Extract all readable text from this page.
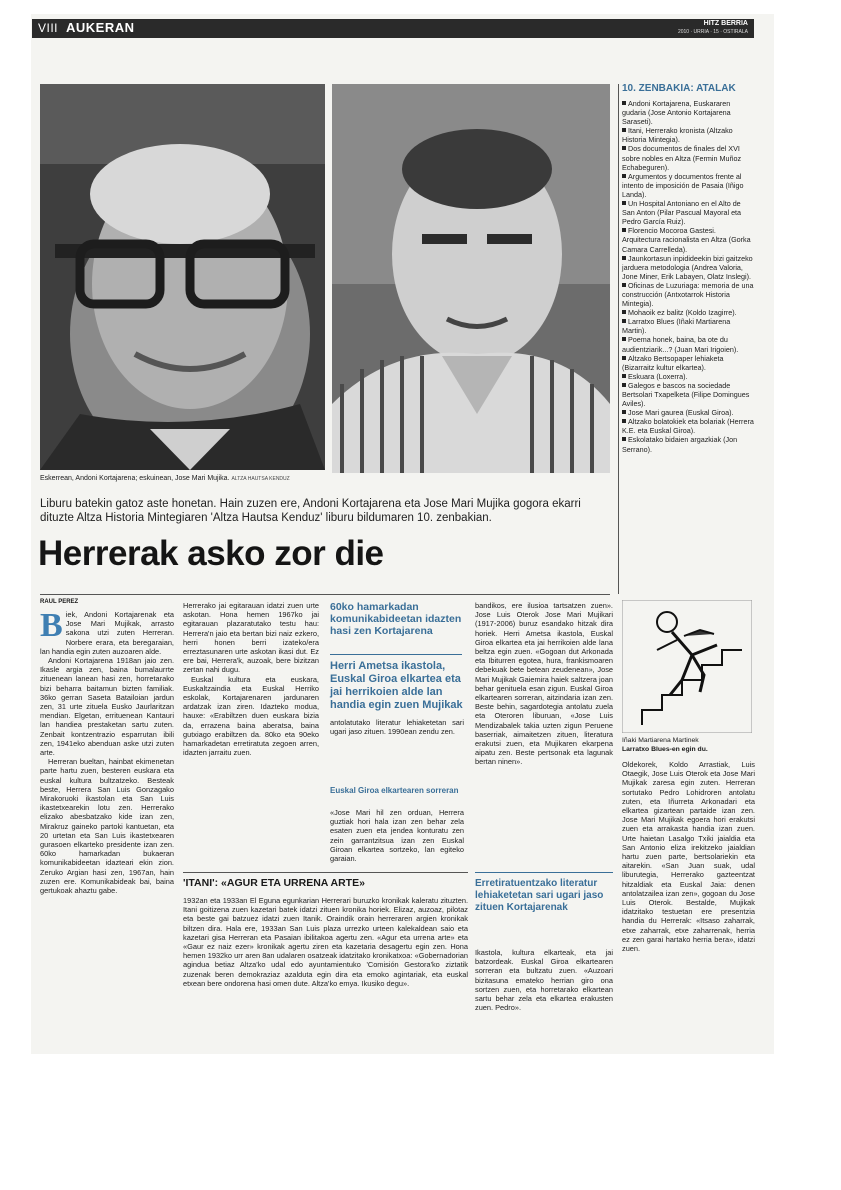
VIII AUKERAN	HITZ BERRIA
2010 · URRIA · 15 · OSTIRALA
Eskerrean, Andoni Kortajarena; eskuinean, Jose Mari Mujika. ALTZA HAUTSA KENDUZ
Liburu batekin gatoz aste honetan. Hain zuzen ere, Andoni Kortajarena eta Jose Mari Mujika gogora ekarri dituzte Altza Historia Mintegiaren 'Altza Hautsa Kenduz' liburu bildumaren 10. zenbakian.
Herrerak asko zor die
RAUL PEREZ

Biek, Andoni Kortajarenak eta Jose Mari Mujikak, arrasto sakona utzi zuten Herreran. Norbere erara, eta beregaraian, lan handia egin zuten auzoaren alde.

Andoni Kortajarena 1918an jaio zen. Ikasle argia zen, baina bumalaurrte zituenean lanean hasi zen, horretarako bizi beharra baitamun bizten familiak. 36ko gerran Saseta Batailoian jardun zen, 31 urte zituela Eusko Jaurlaritzan mendian. Elgetan, errituenean Kantauri lan handiea prestaketan sartu zuten. Zenbait kontzentrazio esparrutan ibili zen, 1941eko abenduan aske utzi zuten arte.

Herreran bueltan, hainbat ekimenetan parte hartu zuen, besteren euskara eta euskal kultura bultzatzeko. Besteak beste, Herrera San Luis Gonzagako Mirakoruoki ikastolan eta San Luis ikastetxearekin lotu zen. Herrerako elizako abesbatzako kide izan zen, Mirakruz gaineko partoki kantuetan, eta 20 urtetan eta San Luis ikastetxearen gurasoen elkarteko presidente izan zen. 60ko hamarkadan bukaeran komunikabideetan idazteari ekin zion. Zeruko Argian hasi zen, 1967an, hain zuzen ere. Komunikabideak bai, baina gertukoak ahaztu gabe.

Herrerako jai egitarauan idatzi zuen urte askotan. Hona hemen 1967ko jai egitarauan plazaratutako testu hau: Herrera'n jaio eta bertan bizi naiz ezkero, herri honen berri izateko/era erreztasunaren urte askotan ikasi dut. Ez ere bai, Herrera'k, auzoak, bere bizitzan zertan nahi dugu.

Euskal kultura eta euskara, Euskaltzaindia eta Euskal Herriko eskolak, Kortajarenaren jardunaren ardatzak izan ziren. Idazteko modua, hauxe: «Erabiltzen duen euskara bizia da, errazena baina aberatsa, baina gutxiago erabiltzen da. 80ko eta 90eko hamarkadetan erretiratuta zegoen arren, idazten jarraitu zuen.

60ko hamarkadan komunikabideetan idazten hasi zen Kortajarena
Herri Ametsa ikastola, Euskal Giroa elkartea eta jai herrikoien alde lan handia egin zuen Mujikak

antolatutako literatur lehiaketetan sari ugari jaso zituen. 1990ean zendu zen.

Euskal Giroa elkartearen sorreran

«Jose Mari hil zen orduan, Herrera guztiak hori hala izan zen behar zela esaten zuen eta jendea konturatu zen zein garrantzitsua izan zen Euskal Giroan elkartea sortzeko, lan egiteko garaian.

'ITANI': «AGUR ETA URRENA ARTE»

1932an eta 1933an El Eguna egunkarian Herrerari buruzko kronikak kaleratu zituzten. Itani goitizena zuen kazetari batek idatzi zituen kronika horiek. Elizaz, auzoaz, pilotaz eta beste gai batzuez idatzi zuen Itanik. Oraindik orain herreraren argien kronikak biltzen dira. Hala ere, 1933an San Luis plaza urrezko urteen kalekaldean saio eta kazetari gisa Herreran eta Pasaian ibilitakoa agertu zen. «Agur eta urrena arte» eta «Gaur ez naiz ezer» kronikak agertu ziren eta kazetaria desagertu egin zen. Hona hemen 1932ko urr aren 8an udalaren osatzeak idatzitako kronikatxoa: «Gobernadorian agindua betiaz Altza'ko udal edo ayuntamientuko 'Comisión Gestora'ko ziztatik zuzenak beren demokraziaz azalduta egin dira eta emoko agintariak, eta euskal etxean bere ondorena hasi omen dute. Altza'ko emya. Ikusiko degu».

bandikos, ere ilusioa tartsatzen zuen». Jose Luis Oterok Jose Mari Mujikari (1917-2006) buruz esandako hitzak dira horiek. Herri Ametsa ikastola, Euskal Giroa elkartea eta jai herrikoien alde lana beltza egin zuen. «Gogoan dut Arkonada eta Ibiturren egotea, hura, frankismoaren debekuak bete betean zeudenean», Jose Mari Mujikak Gaiemira haiek saltzera joan behar genituela esan zigun. Euskal Giroa elkartearen sorreran, aitzindaria izan zen. Beste behin, sagardotegia antolatu zuela eta Oteroren liburuan, «Jose Luis Mendizabalek takia uzten zigun Peruene baserriak, aimaitetzen zituen, literatura erakutsi zuen, eta Mujikaren ekarpena aipatu zen. Beste pertsonak eta lagunak bertan ninen».

Erretiratuentzako literatur lehiaketetan sari ugari jaso zituen Kortajarenak

Ikastola, kultura elkarteak, eta jai batzordeak. Euskal Giroa elkartearen sorreran eta bultzatu zuen. «Auzoari bizitasuna emateko herrian giro ona sortzen zuen, eta horretarako elkartean sartu behar zela eta elkartea erakusten zuen. Pedro».

10. ZENBAKIA: ATALAK

Andoni Kortajarena, Euskararen gudaria (Jose Antonio Kortajarena Saraseti).

Itani, Herrerako kronista (Altzako Historia Mintegia).

Dos documentos de finales del XVI sobre nobles en Altza (Fermin Muñoz Echabeguren).

Argumentos y documentos frente al intento de imposición de Pasaia (Iñigo Landa).

Un Hospital Antoniano en el Alto de San Anton (Pilar Pascual Mayoral eta Pedro García Ruiz).

Florencio Mocoroa Gastesi. Arquitectura racionalista en Altza (Gorka Camara Carrelleda).

Jaunkortasun inpidideekin bizi gaitzeko jarduera metodologia (Andrea Valoria, Jone Miner, Erik Labayen, Olatz Inslegi).

Oficinas de Luzuriaga: memoria de una construcción (Antxotarrok Historia Mintegia).

Mohaoik ez balitz (Koldo Izagirre).

Larratxo Blues (Iñaki Martiarena Martin).

Poema honek, baina, ba ote du audientziarik...? (Juan Mari Irigoien).

Altzako Bertsopaper lehiaketa (Bizarraitz kultur elkartea).

Eskuara (Loxerra).

Galegos e bascos na sociedade Bertsolari Txapelketa (Filipe Domingues Aviles).

Jose Mari gaurea (Euskal Giroa).

Altzako bolatokiek eta bolariak (Herrera K.E. eta Euskal Giroa).

Eskolatako bidaien argazkiak (Jon Serrano).

Iñaki Martiarena Martinek
Larratxo Blues-en egin du.

Oldekorek, Koldo Arrastiak, Luis Otaegik, Jose Luis Oterok eta Jose Mari Mujikak zaresa egin zuten. Herreran sortutako Pedro Lohidroren antolatu zuten, eta Iñurreta Arkonadari eta elkartea gizartean partaide izan zen. Jose Mari Mujikak egoera hori erakutsi zuen eta arrakasta handia izan zuen. Urte haietan Lasalgo Txiki jaialdia eta San Antonio eliza irekitzeko jaialdian hartu zuen parte, bertsolariekin eta aitarekin. «San Juan suak, udal liburutegia, Herrerako gazteentzat hitzaldiak eta Euskal Jaia: denen antolatzailea izan zen», gogoan du Jose Luis Oterok. Bestalde, Mujikak idatzitako testuetan ere presentzia handia du Herrerak: «Itsaso zaharrak, etxe zaharrak, etxe zaharrenak, herria ez zen garai hartako herria bera», idatzi zuen.
